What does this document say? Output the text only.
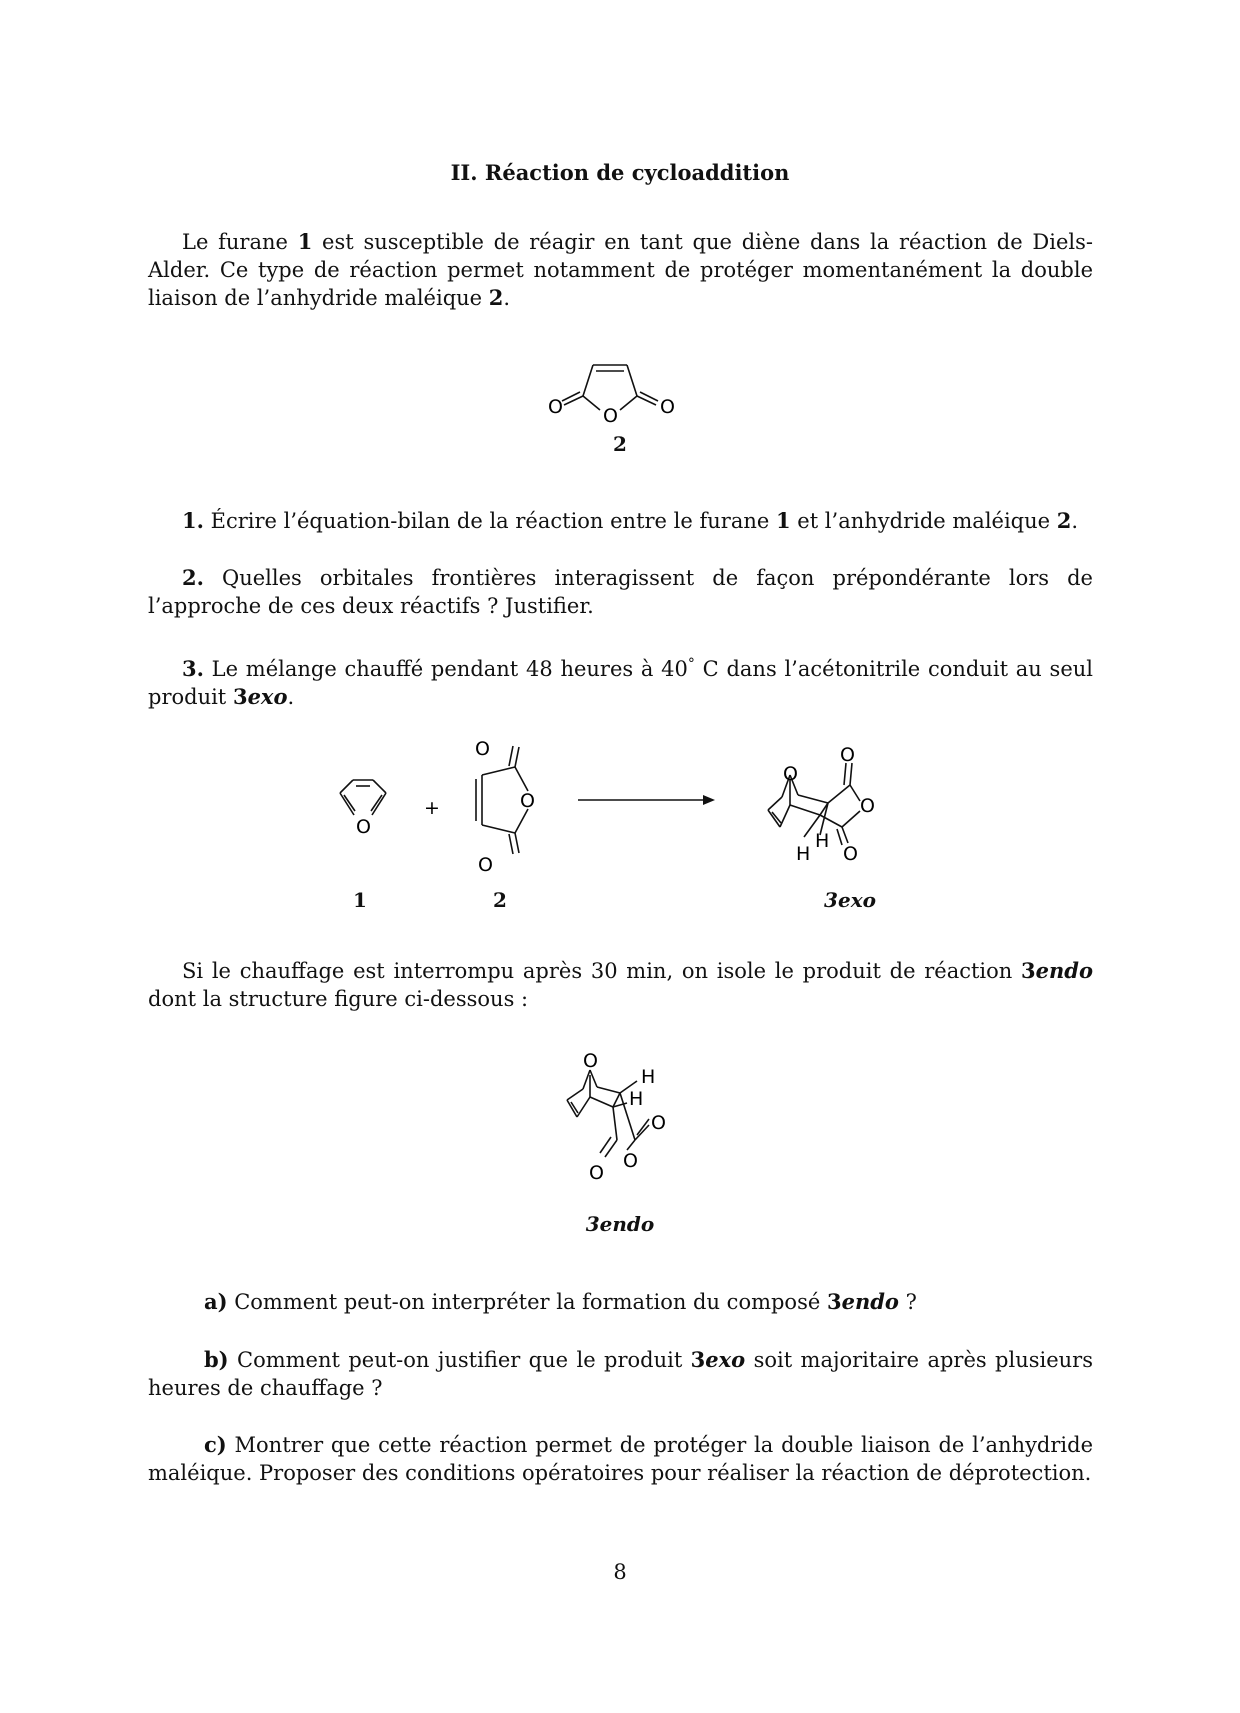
II. Réaction de cycloaddition

Le furane 1 est susceptible de réagir en tant que diène dans la réaction de Diels-Alder. Ce type de réaction permet notamment de protéger momentanément la double liaison de l’anhydride maléique 2.

O O O
2

1. Écrire l’équation-bilan de la réaction entre le furane 1 et l’anhydride maléique 2.

2. Quelles orbitales frontières interagissent de façon prépondérante lors de l’approche de ces deux réactifs ? Justifier.

3. Le mélange chauffé pendant 48 heures à 40° C dans l’acétonitrile conduit au seul produit 3exo.

O
O
O
O
+
O
O
O
O
H
H
1	2	3exo

Si le chauffage est interrompu après 30 min, on isole le produit de réaction 3endo dont la structure figure ci-dessous :

O
H
H
O
O
O
3endo

a) Comment peut-on interpréter la formation du composé 3endo ?

b) Comment peut-on justifier que le produit 3exo soit majoritaire après plusieurs heures de chauffage ?

c) Montrer que cette réaction permet de protéger la double liaison de l’anhydride maléique. Proposer des conditions opératoires pour réaliser la réaction de déprotection.

8
